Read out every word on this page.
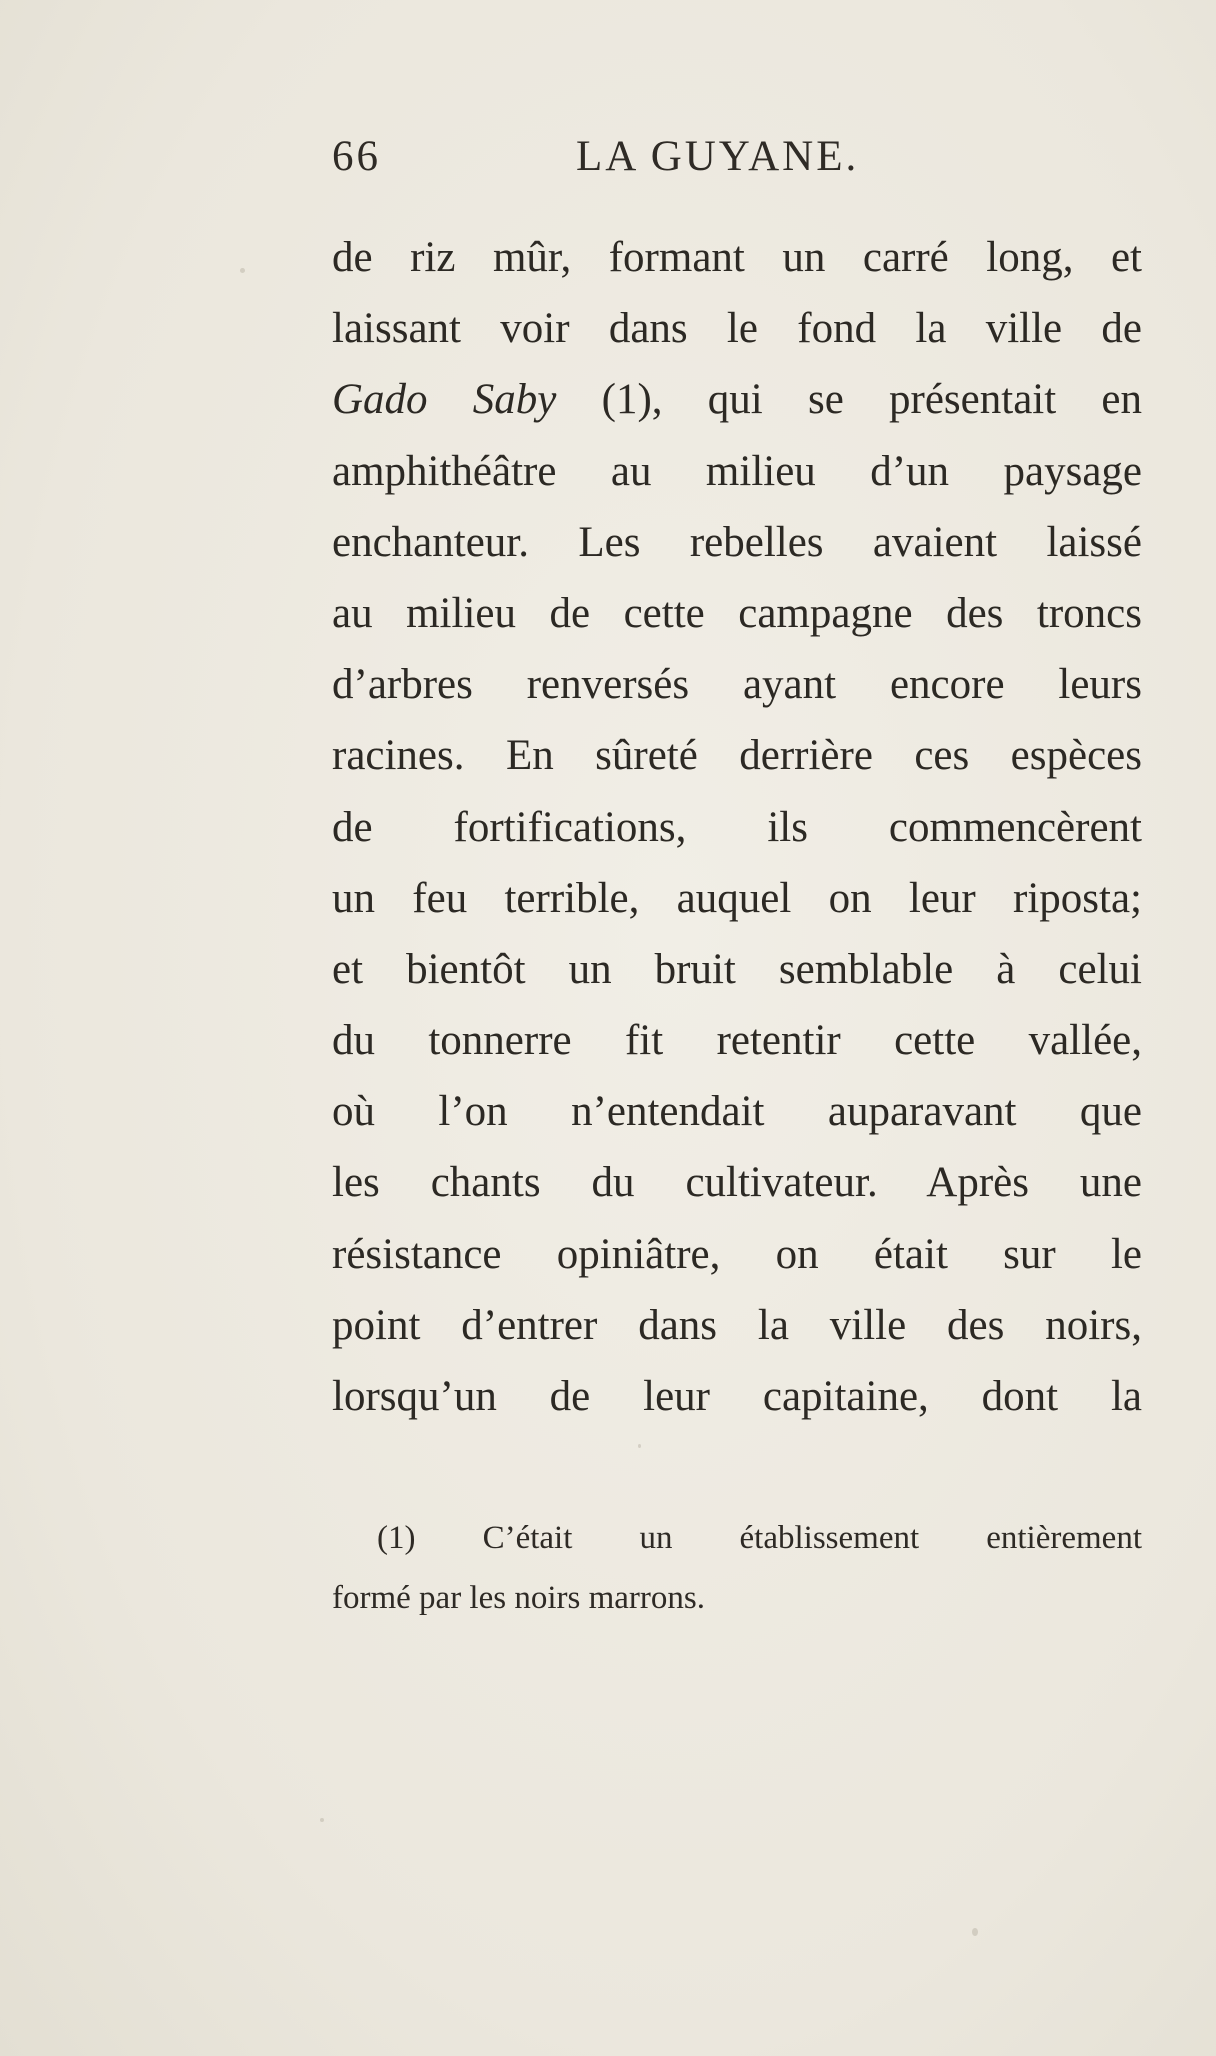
66	LA GUYANE.
de riz mûr, formant un carré long, et
laissant voir dans le fond la ville de
Gado Saby (1), qui se présentait en
amphithéâtre au milieu d’un paysage
enchanteur. Les rebelles avaient laissé
au milieu de cette campagne des troncs
d’arbres renversés ayant encore leurs
racines. En sûreté derrière ces espèces
de fortifications, ils commencèrent
un feu terrible, auquel on leur riposta;
et bientôt un bruit semblable à celui
du tonnerre fit retentir cette vallée,
où l’on n’entendait auparavant que
les chants du cultivateur. Après une
résistance opiniâtre, on était sur le
point d’entrer dans la ville des noirs,
lorsqu’un de leur capitaine, dont la
(1) C’était un établissement entièrement
formé par les noirs marrons.
